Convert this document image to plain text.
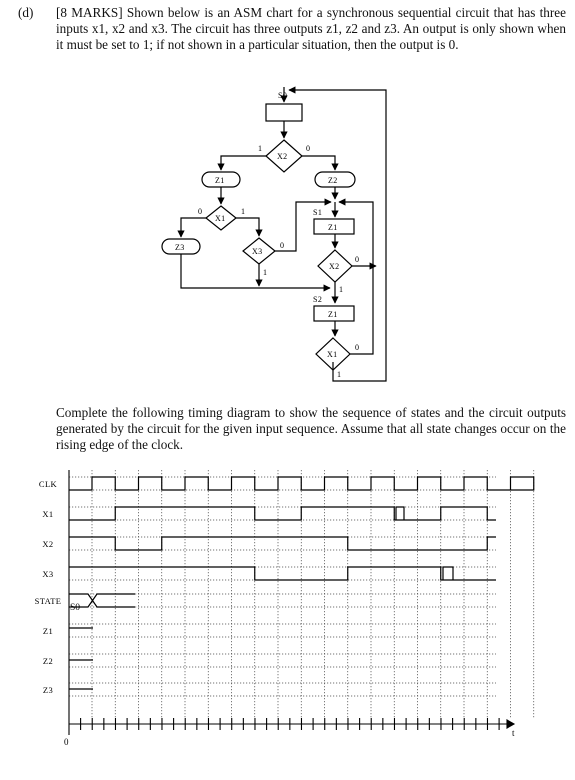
(d) [8 MARKS] Shown below is an ASM chart for a synchronous sequential circuit that has three inputs x1, x2 and x3. The circuit has three outputs z1, z2 and z3. An output is only shown when it must be set to 1; if not shown in a particular situation, then the output is 0.
S0
X2
1	0
Z1	Z2
X1
0	1
Z3	X3
0
1
S1
Z1
X2
0
1
S2
Z1
X1
0
1
Complete the following timing diagram to show the sequence of states and the circuit outputs generated by the circuit for the given input sequence. Assume that all state changes occur on the rising edge of the clock.
CLK
X1
X2
X3
STATE
Z1
Z2
Z3
0
t
S0
